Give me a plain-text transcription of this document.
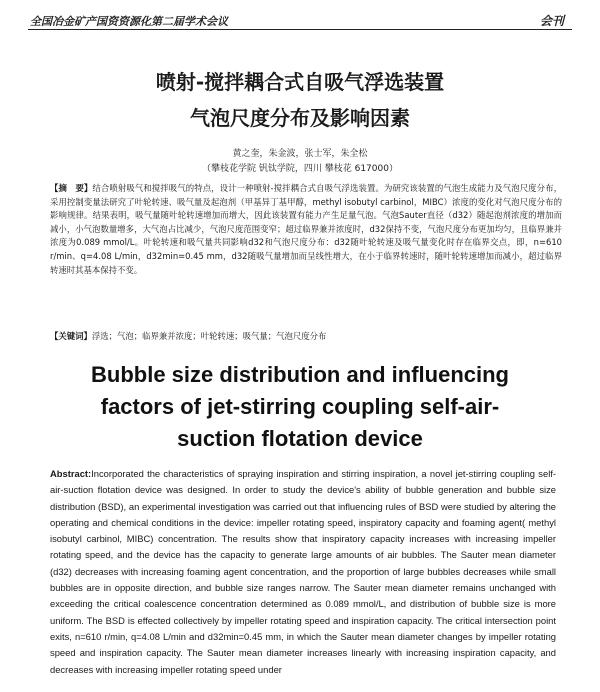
全国冶金矿产国资资源化第二届学术会议	会刊
喷射-搅拌耦合式自吸气浮选装置
气泡尺度分布及影响因素
黄之奎，朱金波，张士军，朱全松
（攀枝花学院 钒钛学院，四川 攀枝花 617000）
【摘　要】结合喷射吸气和搅拌吸气的特点，设计一种喷射-搅拌耦合式自吸气浮选装置。为研究该装置的气泡生成能力及气泡尺度分布，采用控制变量法研究了叶轮转速、吸气量及起泡剂（甲基异丁基甲醇，methyl isobutyl carbinol，MIBC）浓度的变化对气泡尺度分布的影响规律。结果表明，吸气量随叶轮转速增加而增大，因此该装置有能力产生足量气泡。气泡Sauter直径（d32）随起泡剂浓度的增加而减小，小气泡数量增多，大气泡占比减少，气泡尺度范围变窄；超过临界兼并浓度时，d32保持不变，气泡尺度分布更加均匀，且临界兼并浓度为0.089 mmol/L。叶轮转速和吸气量共同影响d32和气泡尺度分布：d32随叶轮转速及吸气量变化时存在临界交点，即，n=610 r/min、q=4.08 L/min，d32min=0.45 mm，d32随吸气量增加而呈线性增大，在小于临界转速时，随叶轮转速增加而减小，超过临界转速时其基本保持不变。
【关键词】浮选；气泡；临界兼并浓度；叶轮转速；吸气量；气泡尺度分布
Bubble size distribution and influencing
factors of jet-stirring coupling self-air-
suction flotation device
Abstract:Incorporated the characteristics of spraying inspiration and stirring inspiration, a novel jet-stirring coupling self-air-suction flotation device was designed. In order to study the device's ability of bubble generation and bubble size distribution (BSD), an experimental investigation was carried out that influencing rules of BSD were studied by altering the operating and chemical conditions in the device: impeller rotating speed, inspiratory capacity and foaming agent( methyl isobutyl carbinol, MIBC) concentration. The results show that inspiratory capacity increases with increasing impeller rotating speed, and the device has the capacity to generate large amounts of air bubbles. The Sauter mean diameter (d32) decreases with increasing foaming agent concentration, and the proportion of large bubbles decreases while small bubbles are in opposite direction, and bubble size ranges narrow. The Sauter mean diameter remains unchanged with exceeding the critical coalescence concentration determined as 0.089 mmol/L, and distribution of bubble size is more uniform. The BSD is effected collectively by impeller rotating speed and inspiration capacity. The critical intersection point exits, n=610 r/min, q=4.08 L/min and d32min=0.45 mm, in which the Sauter mean diameter changes by impeller rotating speed and inspiration capacity. The Sauter mean diameter increases linearly with increasing inspiration capacity, and decreases with increasing impeller rotating speed under
